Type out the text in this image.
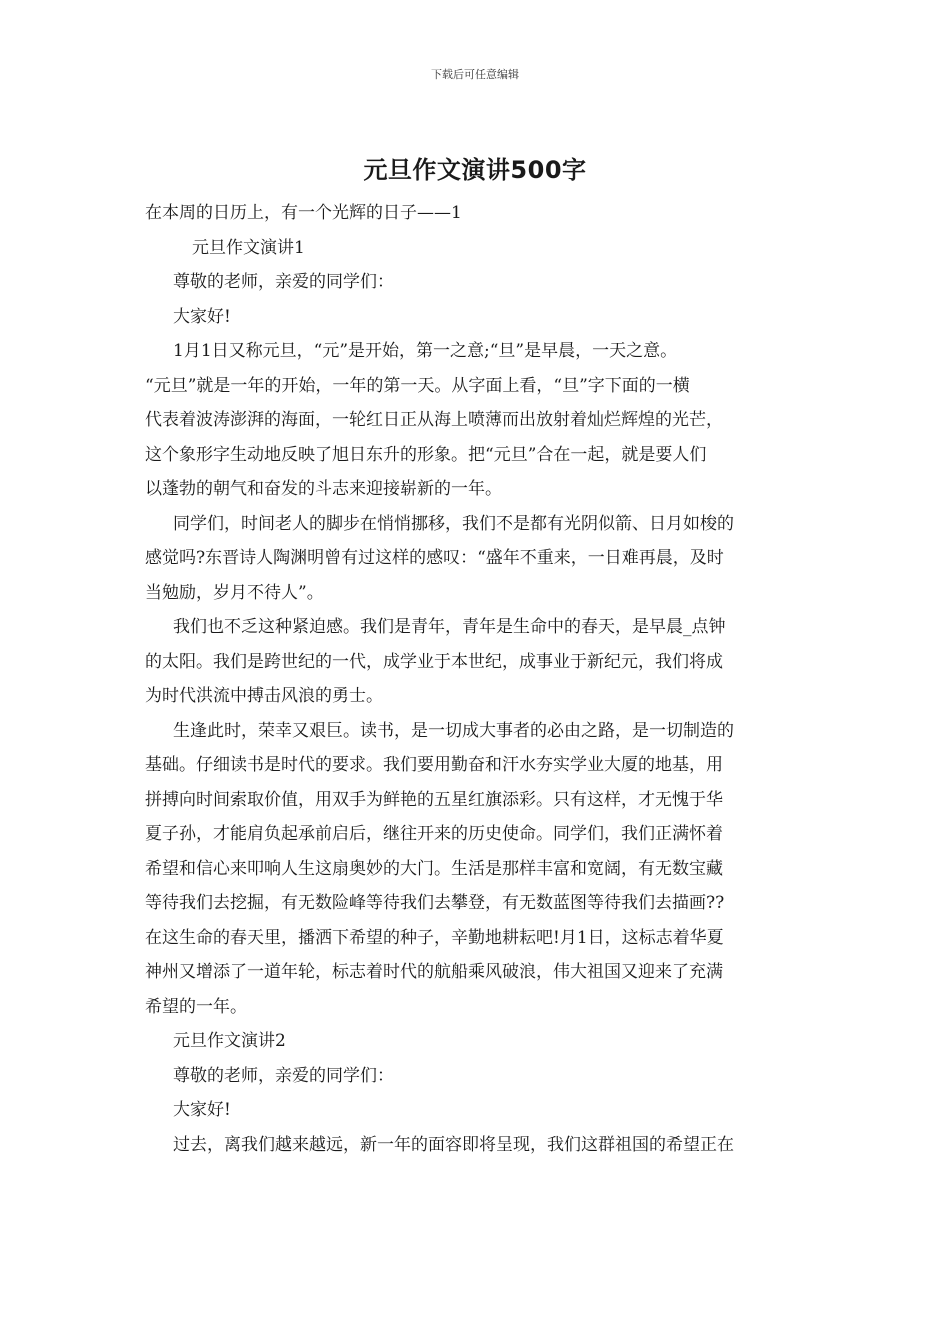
下载后可任意编辑
元旦作文演讲500字
在本周的日历上，有一个光辉的日子——1
元旦作文演讲1
尊敬的老师，亲爱的同学们：
大家好!
1月1日又称元旦，“元”是开始，第一之意;“旦”是早晨，一天之意。
“元旦”就是一年的开始，一年的第一天。从字面上看，“旦”字下面的一横
代表着波涛澎湃的海面，一轮红日正从海上喷薄而出放射着灿烂辉煌的光芒，
这个象形字生动地反映了旭日东升的形象。把“元旦”合在一起，就是要人们
以蓬勃的朝气和奋发的斗志来迎接崭新的一年。
同学们，时间老人的脚步在悄悄挪移，我们不是都有光阴似箭、日月如梭的
感觉吗?东晋诗人陶渊明曾有过这样的感叹：“盛年不重来，一日难再晨，及时
当勉励，岁月不待人”。
我们也不乏这种紧迫感。我们是青年，青年是生命中的春天，是早晨_点钟
的太阳。我们是跨世纪的一代，成学业于本世纪，成事业于新纪元，我们将成
为时代洪流中搏击风浪的勇士。
生逢此时，荣幸又艰巨。读书，是一切成大事者的必由之路，是一切制造的
基础。仔细读书是时代的要求。我们要用勤奋和汗水夯实学业大厦的地基，用
拼搏向时间索取价值，用双手为鲜艳的五星红旗添彩。只有这样，才无愧于华
夏子孙，才能肩负起承前启后，继往开来的历史使命。同学们，我们正满怀着
希望和信心来叩响人生这扇奥妙的大门。生活是那样丰富和宽阔，有无数宝藏
等待我们去挖掘，有无数险峰等待我们去攀登，有无数蓝图等待我们去描画??
在这生命的春天里，播洒下希望的种子，辛勤地耕耘吧!月1日，这标志着华夏
神州又增添了一道年轮，标志着时代的航船乘风破浪，伟大祖国又迎来了充满
希望的一年。
元旦作文演讲2
尊敬的老师，亲爱的同学们：
大家好!
过去，离我们越来越远，新一年的面容即将呈现，我们这群祖国的希望正在
